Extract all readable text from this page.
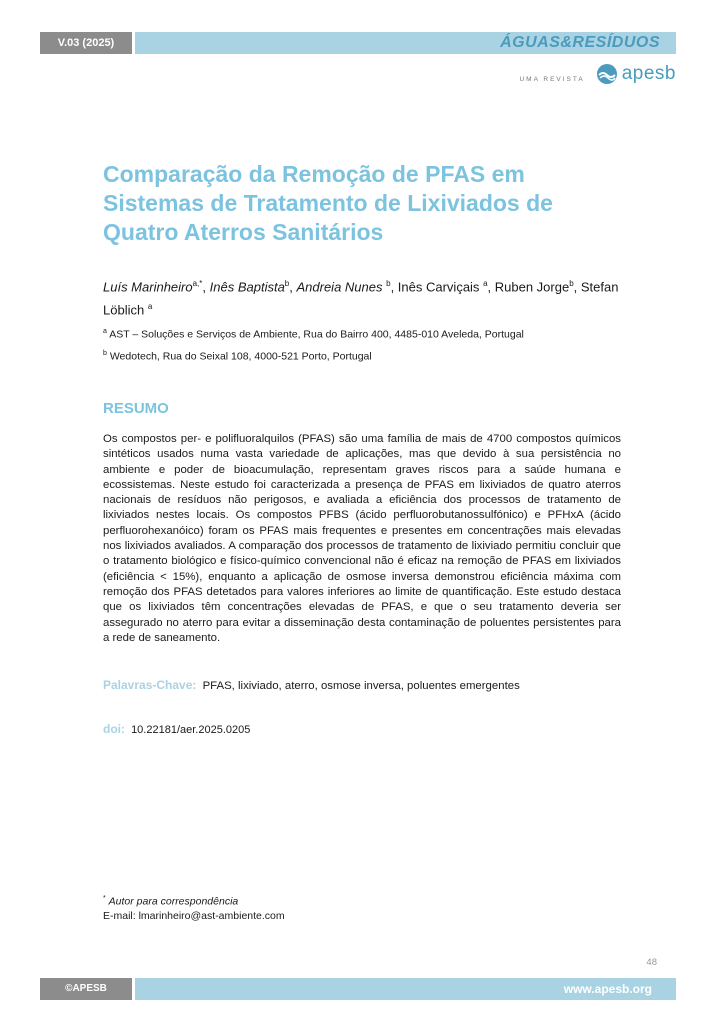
V.03 (2025)	ÁGUAS&RESÍDUOS
UMA REVISTA apesb
Comparação da Remoção de PFAS em Sistemas de Tratamento de Lixiviados de Quatro Aterros Sanitários
Luís Marinheiro$^{a,*}$, Inês Baptista$^b$, Andreia Nunes $^b$, Inês Carviçais $^a$, Ruben Jorge$^b$, Stefan Löblich $^a$
$^a$ AST – Soluções e Serviços de Ambiente, Rua do Bairro 400, 4485-010 Aveleda, Portugal
$^b$ Wedotech, Rua do Seixal 108, 4000-521 Porto, Portugal
RESUMO

Os compostos per- e polifluoralquilos (PFAS) são uma família de mais de 4700 compostos químicos sintéticos usados numa vasta variedade de aplicações, mas que devido à sua persistência no ambiente e poder de bioacumulação, representam graves riscos para a saúde humana e ecossistemas. Neste estudo foi caracterizada a presença de PFAS em lixiviados de quatro aterros nacionais de resíduos não perigosos, e avaliada a eficiência dos processos de tratamento de lixiviados nestes locais. Os compostos PFBS (ácido perfluorobutanossulfónico) e PFHxA (ácido perfluorohexanóico) foram os PFAS mais frequentes e presentes em concentrações mais elevadas nos lixiviados avaliados. A comparação dos processos de tratamento de lixiviado permitiu concluir que o tratamento biológico e físico-químico convencional não é eficaz na remoção de PFAS em lixiviados (eficiência < 15%), enquanto a aplicação de osmose inversa demonstrou eficiência máxima com remoção dos PFAS detetados para valores inferiores ao limite de quantificação. Este estudo destaca que os lixiviados têm concentrações elevadas de PFAS, e que o seu tratamento deveria ser assegurado no aterro para evitar a disseminação desta contaminação de poluentes persistentes para a rede de saneamento.

Palavras-Chave: PFAS, lixiviado, aterro, osmose inversa, poluentes emergentes
doi: 10.22181/aer.2025.0205
* Autor para correspondência
E-mail: lmarinheiro@ast-ambiente.com
48
©APESB	www.apesb.org
